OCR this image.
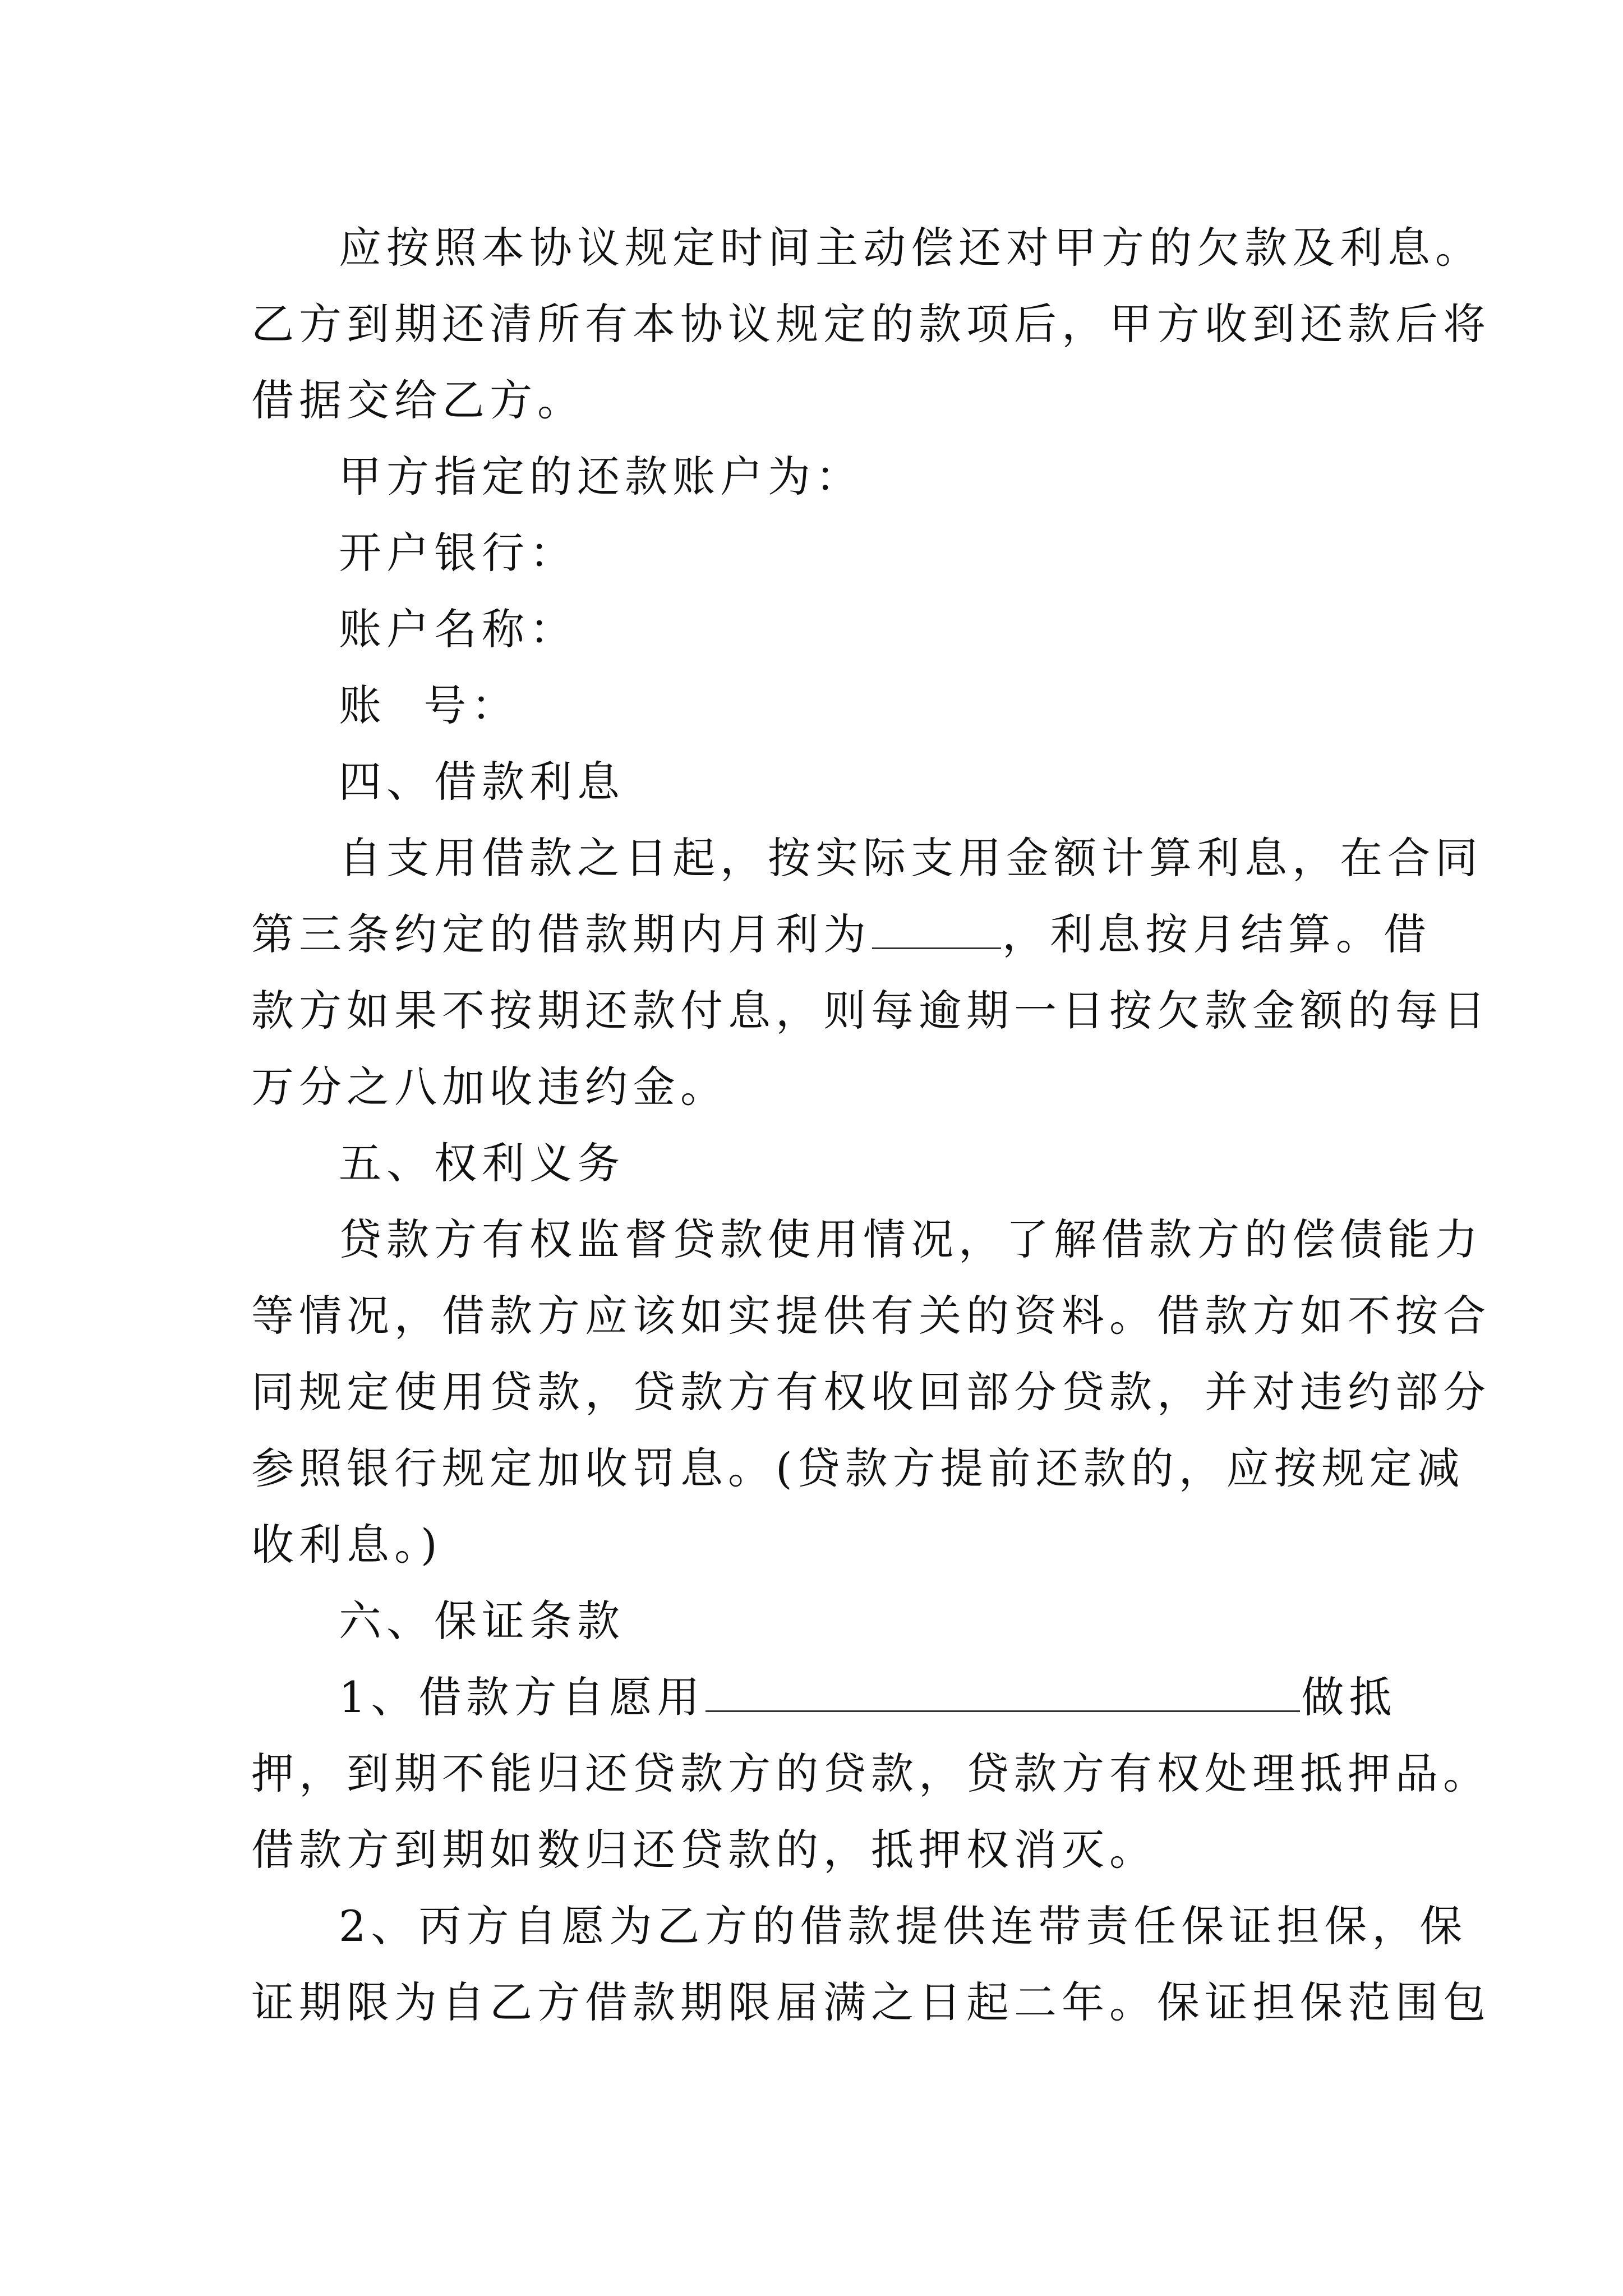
应按照本协议规定时间主动偿还对甲方的欠款及利息。
乙方到期还清所有本协议规定的款项后，甲方收到还款后将
借据交给乙方。
甲方指定的还款账户为：
开户银行：
账户名称：
账  号：
四、借款利息
自支用借款之日起，按实际支用金额计算利息，在合同
第三条约定的借款期内月利为	，利息按月结算。借
款方如果不按期还款付息，则每逾期一日按欠款金额的每日
万分之八加收违约金。
五、权利义务
贷款方有权监督贷款使用情况，了解借款方的偿债能力
等情况，借款方应该如实提供有关的资料。借款方如不按合
同规定使用贷款，贷款方有权收回部分贷款，并对违约部分
参照银行规定加收罚息。(贷款方提前还款的，应按规定减
收利息。)
六、保证条款
1、借款方自愿用	做抵
押，到期不能归还贷款方的贷款，贷款方有权处理抵押品。
借款方到期如数归还贷款的，抵押权消灭。
2、丙方自愿为乙方的借款提供连带责任保证担保，保
证期限为自乙方借款期限届满之日起二年。保证担保范围包
